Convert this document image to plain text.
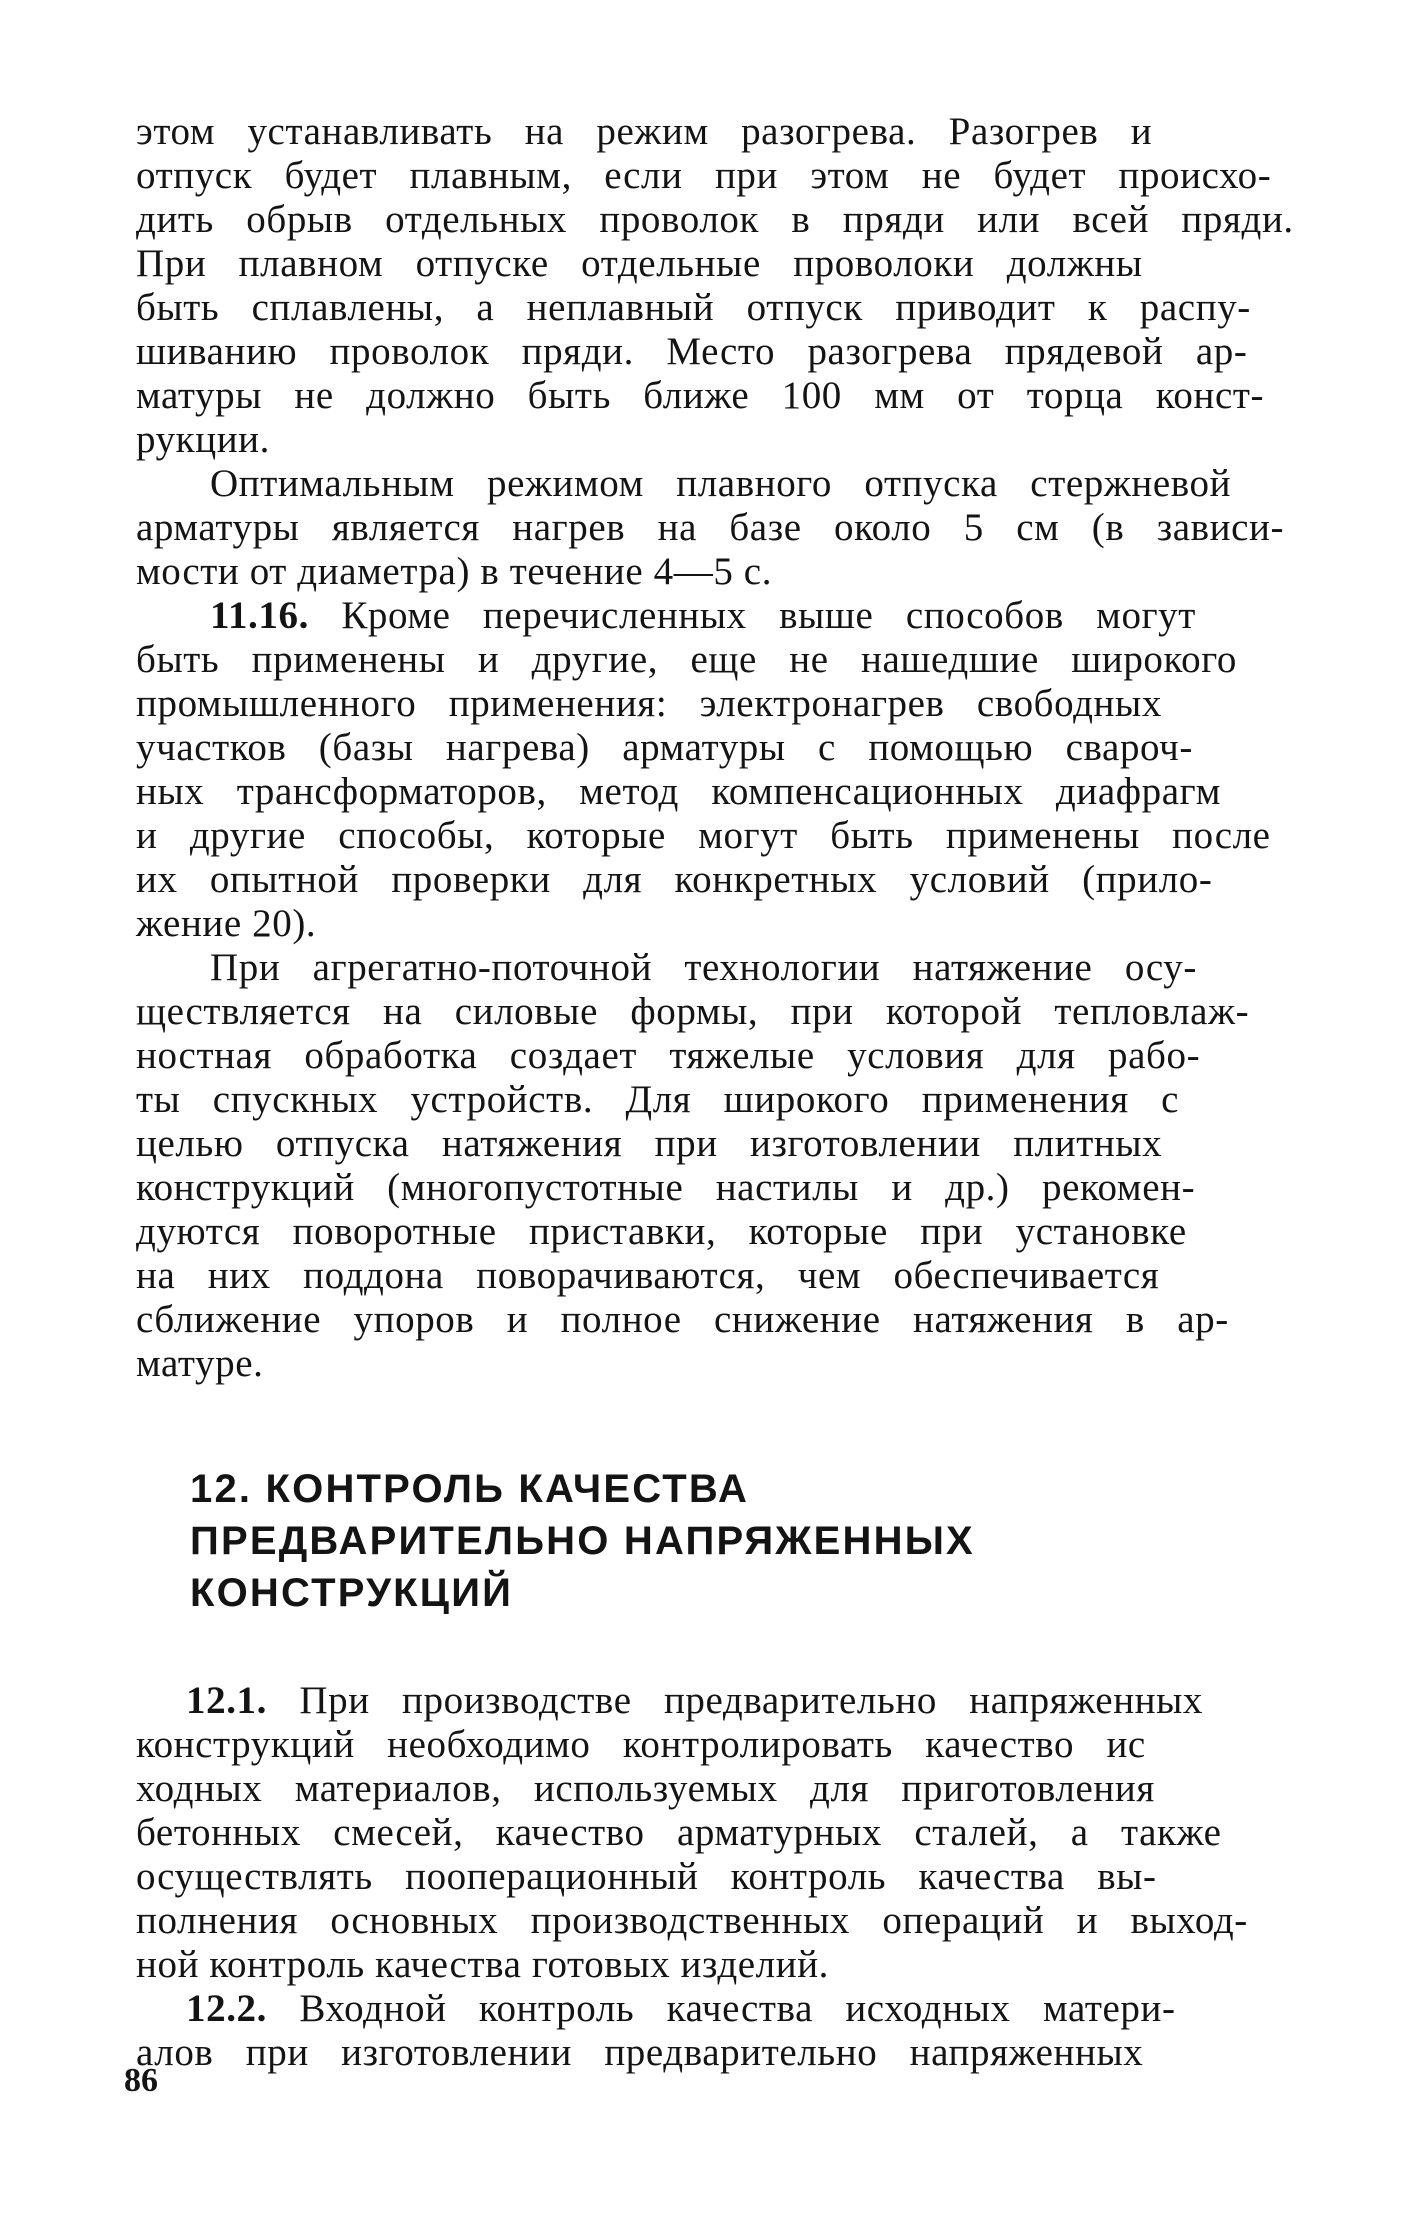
этом устанавливать на режим разогрева. Разогрев и
отпуск будет плавным, если при этом не будет происхо-
дить обрыв отдельных проволок в пряди или всей пряди.
При плавном отпуске отдельные проволоки должны
быть сплавлены, а неплавный отпуск приводит к распу-
шиванию проволок пряди. Место разогрева прядевой ар-
матуры не должно быть ближе 100 мм от торца конст-
рукции.
Оптимальным режимом плавного отпуска стержневой
арматуры является нагрев на базе около 5 см (в зависи-
мости от диаметра) в течение 4—5 с.
11.16. Кроме перечисленных выше способов могут
быть применены и другие, еще не нашедшие широкого
промышленного применения: электронагрев свободных
участков (базы нагрева) арматуры с помощью свароч-
ных трансформаторов, метод компенсационных диафрагм
и другие способы, которые могут быть применены после
их опытной проверки для конкретных условий (прило-
жение 20).
При агрегатно-поточной технологии натяжение осу-
ществляется на силовые формы, при которой тепловлаж-
ностная обработка создает тяжелые условия для рабо-
ты спускных устройств. Для широкого применения с
целью отпуска натяжения при изготовлении плитных
конструкций (многопустотные настилы и др.) рекомен-
дуются поворотные приставки, которые при установке
на них поддона поворачиваются, чем обеспечивается
сближение упоров и полное снижение натяжения в ар-
матуре.
12. КОНТРОЛЬ КАЧЕСТВА
ПРЕДВАРИТЕЛЬНО НАПРЯЖЕННЫХ
КОНСТРУКЦИЙ
12.1. При производстве предварительно напряженных
конструкций необходимо контролировать качество ис
ходных материалов, используемых для приготовления
бетонных смесей, качество арматурных сталей, а также
осуществлять пооперационный контроль качества вы-
полнения основных производственных операций и выход-
ной контроль качества готовых изделий.
12.2. Входной контроль качества исходных матери-
алов при изготовлении предварительно напряженных
86
